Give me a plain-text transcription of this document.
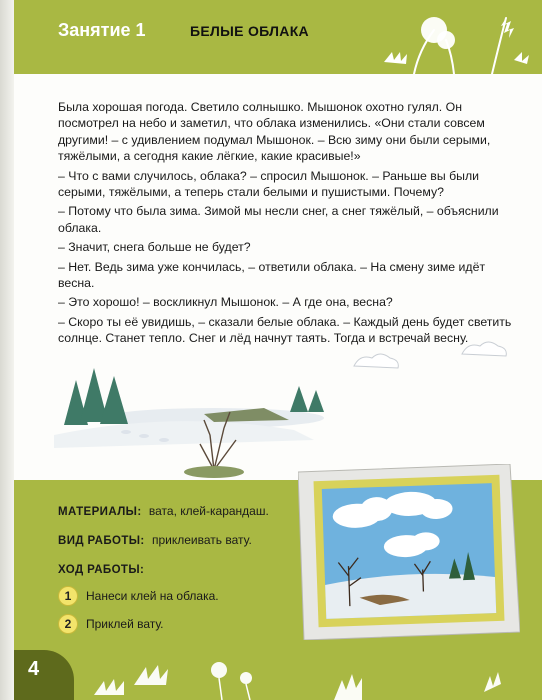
Занятие 1	БЕЛЫЕ ОБЛАКА

Была хорошая погода. Светило солнышко. Мышонок охотно гулял. Он посмотрел на небо и заметил, что облака изменились. «Они стали совсем другими! – с удивлением подумал Мышонок. – Всю зиму они были серыми, тяжёлыми, а сегодня какие лёгкие, какие красивые!»

– Что с вами случилось, облака? – спросил Мышонок. – Раньше вы были серыми, тяжёлыми, а теперь стали белыми и пушистыми. Почему?

– Потому что была зима. Зимой мы несли снег, а снег тяжёлый, – объяснили облака.

– Значит, снега больше не будет?

– Нет. Ведь зима уже кончилась, – ответили облака. – На смену зиме идёт весна.

– Это хорошо! – воскликнул Мышонок. – А где она, весна?

– Скоро ты её увидишь, – сказали белые облака. – Каждый день будет светить солнце. Станет тепло. Снег и лёд начнут таять. Тогда и встречай весну.

МАТЕРИАЛЫ: вата, клей-карандаш.
ВИД РАБОТЫ: приклеивать вату.
ХОД РАБОТЫ:
1	Нанеси клей на облака.
2	Приклей вату.
4
